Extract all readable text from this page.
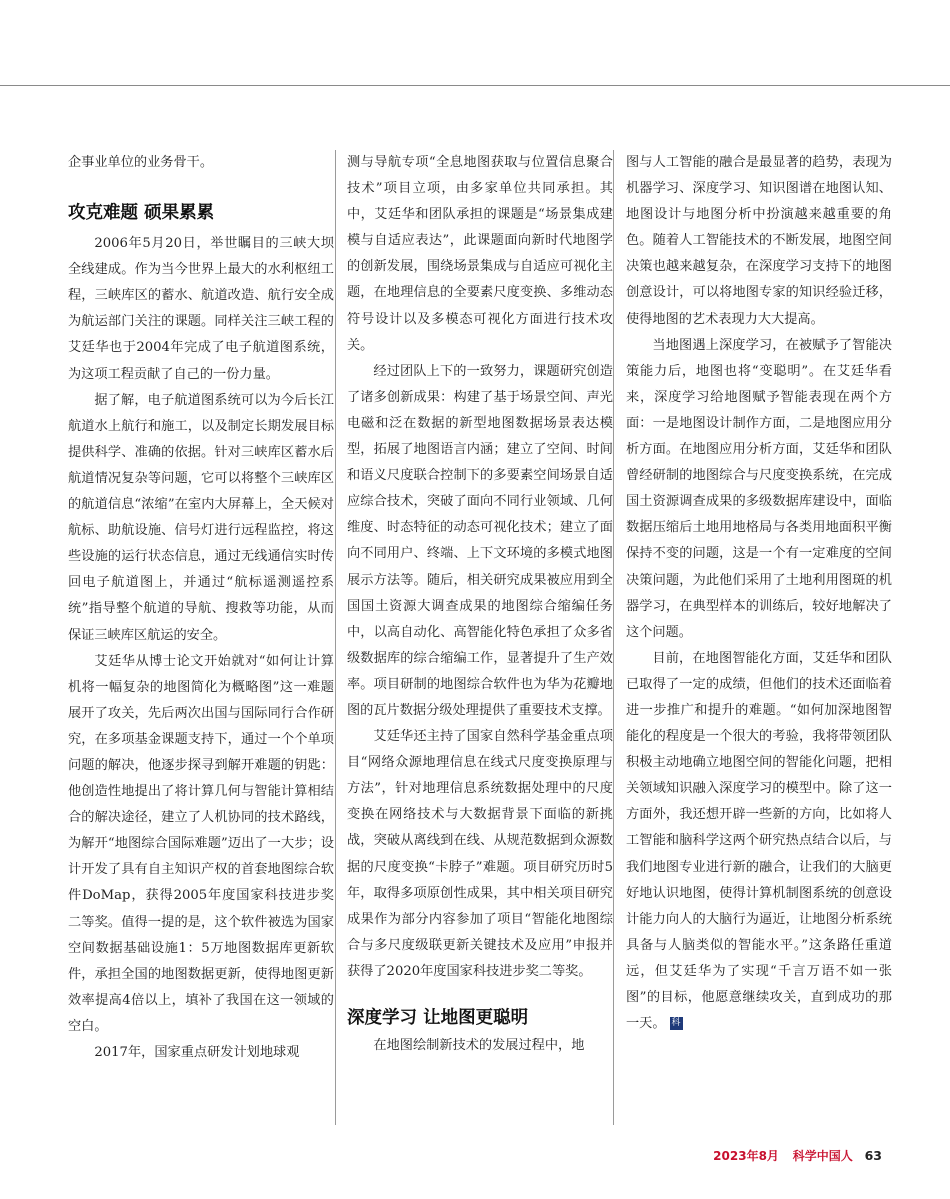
企事业单位的业务骨干。

攻克难题 硕果累累

2006年5月20日，举世瞩目的三峡大坝全线建成。作为当今世界上最大的水利枢纽工程，三峡库区的蓄水、航道改造、航行安全成为航运部门关注的课题。同样关注三峡工程的艾廷华也于2004年完成了电子航道图系统，为这项工程贡献了自己的一份力量。

据了解，电子航道图系统可以为今后长江航道水上航行和施工，以及制定长期发展目标提供科学、准确的依据。针对三峡库区蓄水后航道情况复杂等问题，它可以将整个三峡库区的航道信息“浓缩”在室内大屏幕上，全天候对航标、助航设施、信号灯进行远程监控，将这些设施的运行状态信息，通过无线通信实时传回电子航道图上，并通过“航标遥测遥控系统”指导整个航道的导航、搜救等功能，从而保证三峡库区航运的安全。

艾廷华从博士论文开始就对“如何让计算机将一幅复杂的地图简化为概略图”这一难题展开了攻关，先后两次出国与国际同行合作研究，在多项基金课题支持下，通过一个个单项问题的解决，他逐步探寻到解开难题的钥匙：他创造性地提出了将计算几何与智能计算相结合的解决途径，建立了人机协同的技术路线，为解开“地图综合国际难题”迈出了一大步；设计开发了具有自主知识产权的首套地图综合软件DoMap，获得2005年度国家科技进步奖二等奖。值得一提的是，这个软件被选为国家空间数据基础设施1：5万地图数据库更新软件，承担全国的地图数据更新，使得地图更新效率提高4倍以上，填补了我国在这一领域的空白。

2017年，国家重点研发计划地球观

测与导航专项“全息地图获取与位置信息聚合技术”项目立项，由多家单位共同承担。其中，艾廷华和团队承担的课题是“场景集成建模与自适应表达”，此课题面向新时代地图学的创新发展，围绕场景集成与自适应可视化主题，在地理信息的全要素尺度变换、多维动态符号设计以及多模态可视化方面进行技术攻关。

经过团队上下的一致努力，课题研究创造了诸多创新成果：构建了基于场景空间、声光电磁和泛在数据的新型地图数据场景表达模型，拓展了地图语言内涵；建立了空间、时间和语义尺度联合控制下的多要素空间场景自适应综合技术，突破了面向不同行业领域、几何维度、时态特征的动态可视化技术；建立了面向不同用户、终端、上下文环境的多模式地图展示方法等。随后，相关研究成果被应用到全国国土资源大调查成果的地图综合缩编任务中，以高自动化、高智能化特色承担了众多省级数据库的综合缩编工作，显著提升了生产效率。项目研制的地图综合软件也为华为花瓣地图的瓦片数据分级处理提供了重要技术支撑。

艾廷华还主持了国家自然科学基金重点项目“网络众源地理信息在线式尺度变换原理与方法”，针对地理信息系统数据处理中的尺度变换在网络技术与大数据背景下面临的新挑战，突破从离线到在线、从规范数据到众源数据的尺度变换“卡脖子”难题。项目研究历时5年，取得多项原创性成果，其中相关项目研究成果作为部分内容参加了项目“智能化地图综合与多尺度级联更新关键技术及应用”申报并获得了2020年度国家科技进步奖二等奖。

深度学习 让地图更聪明

在地图绘制新技术的发展过程中，地

图与人工智能的融合是最显著的趋势，表现为机器学习、深度学习、知识图谱在地图认知、地图设计与地图分析中扮演越来越重要的角色。随着人工智能技术的不断发展，地图空间决策也越来越复杂，在深度学习支持下的地图创意设计，可以将地图专家的知识经验迁移，使得地图的艺术表现力大大提高。

当地图遇上深度学习，在被赋予了智能决策能力后，地图也将“变聪明”。在艾廷华看来，深度学习给地图赋予智能表现在两个方面：一是地图设计制作方面，二是地图应用分析方面。在地图应用分析方面，艾廷华和团队曾经研制的地图综合与尺度变换系统，在完成国土资源调查成果的多级数据库建设中，面临数据压缩后土地用地格局与各类用地面积平衡保持不变的问题，这是一个有一定难度的空间决策问题，为此他们采用了土地利用图斑的机器学习，在典型样本的训练后，较好地解决了这个问题。

目前，在地图智能化方面，艾廷华和团队已取得了一定的成绩，但他们的技术还面临着进一步推广和提升的难题。“如何加深地图智能化的程度是一个很大的考验，我将带领团队积极主动地确立地图空间的智能化问题，把相关领域知识融入深度学习的模型中。除了这一方面外，我还想开辟一些新的方向，比如将人工智能和脑科学这两个研究热点结合以后，与我们地图专业进行新的融合，让我们的大脑更好地认识地图，使得计算机制图系统的创意设计能力向人的大脑行为逼近，让地图分析系统具备与人脑类似的智能水平。”这条路任重道远，但艾廷华为了实现“千言万语不如一张图”的目标，他愿意继续攻关，直到成功的那一天。 科

2023年8月 科学中国人 63
